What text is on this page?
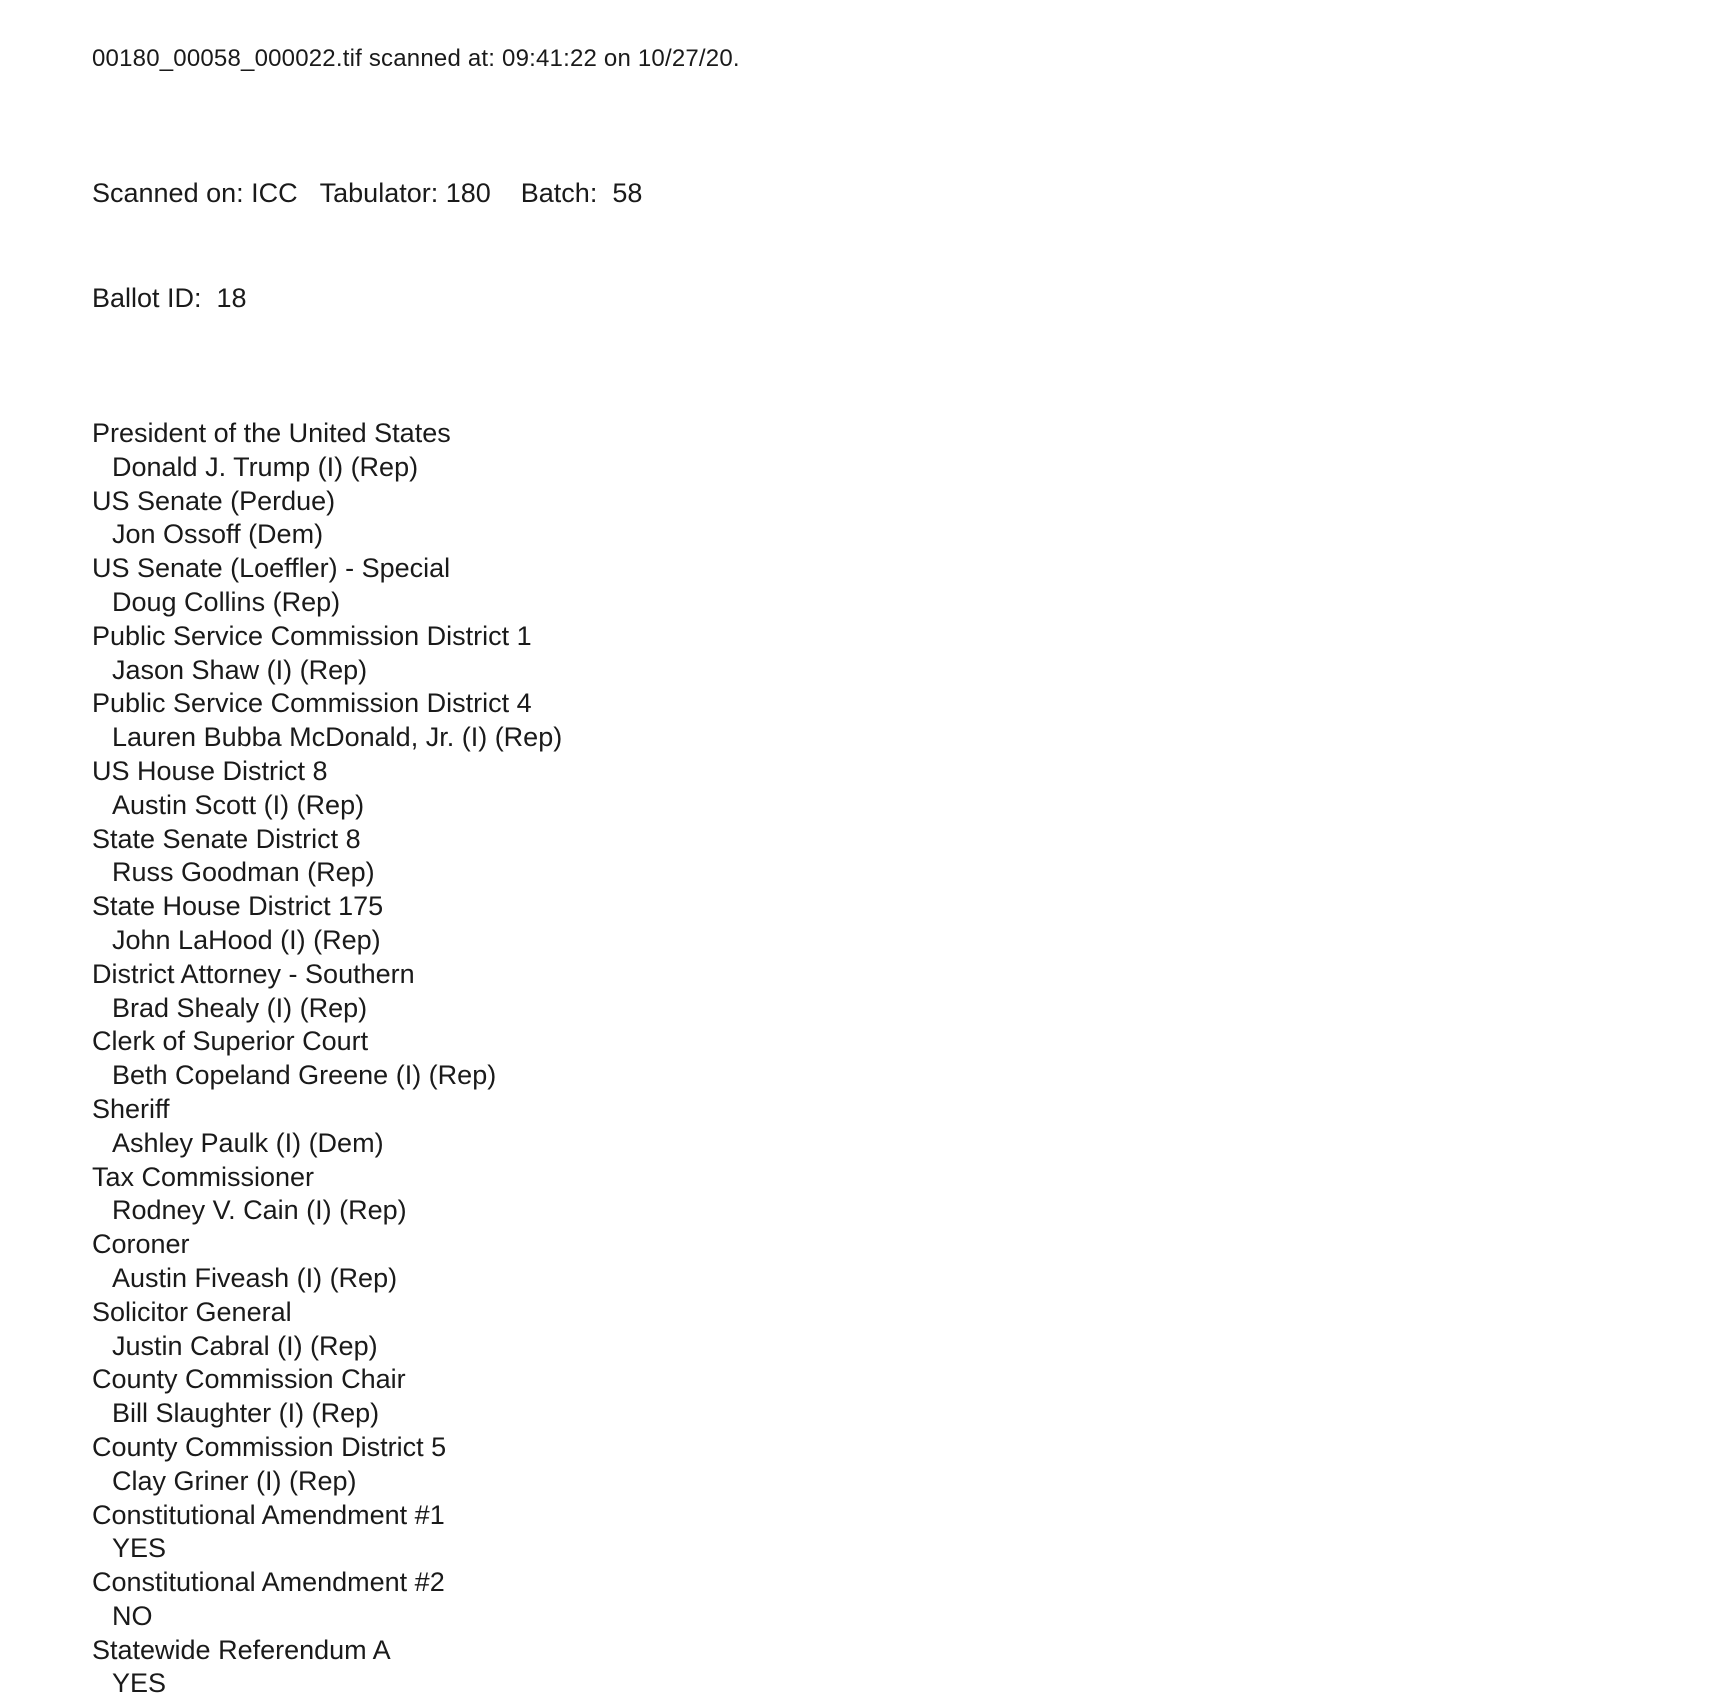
00180_00058_000022.tif scanned at: 09:41:22 on 10/27/20.

Scanned on: ICC   Tabulator: 180    Batch:  58

Ballot ID:  18

President of the United States
Donald J. Trump (I) (Rep)
US Senate (Perdue)
Jon Ossoff (Dem)
US Senate (Loeffler) - Special
Doug Collins (Rep)
Public Service Commission District 1
Jason Shaw (I) (Rep)
Public Service Commission District 4
Lauren Bubba McDonald, Jr. (I) (Rep)
US House District 8
Austin Scott (I) (Rep)
State Senate District 8
Russ Goodman (Rep)
State House District 175
John LaHood (I) (Rep)
District Attorney - Southern
Brad Shealy (I) (Rep)
Clerk of Superior Court
Beth Copeland Greene (I) (Rep)
Sheriff
Ashley Paulk (I) (Dem)
Tax Commissioner
Rodney V. Cain (I) (Rep)
Coroner
Austin Fiveash (I) (Rep)
Solicitor General
Justin Cabral (I) (Rep)
County Commission Chair
Bill Slaughter (I) (Rep)
County Commission District 5
Clay Griner (I) (Rep)
Constitutional Amendment #1
YES
Constitutional Amendment #2
NO
Statewide Referendum A
YES
